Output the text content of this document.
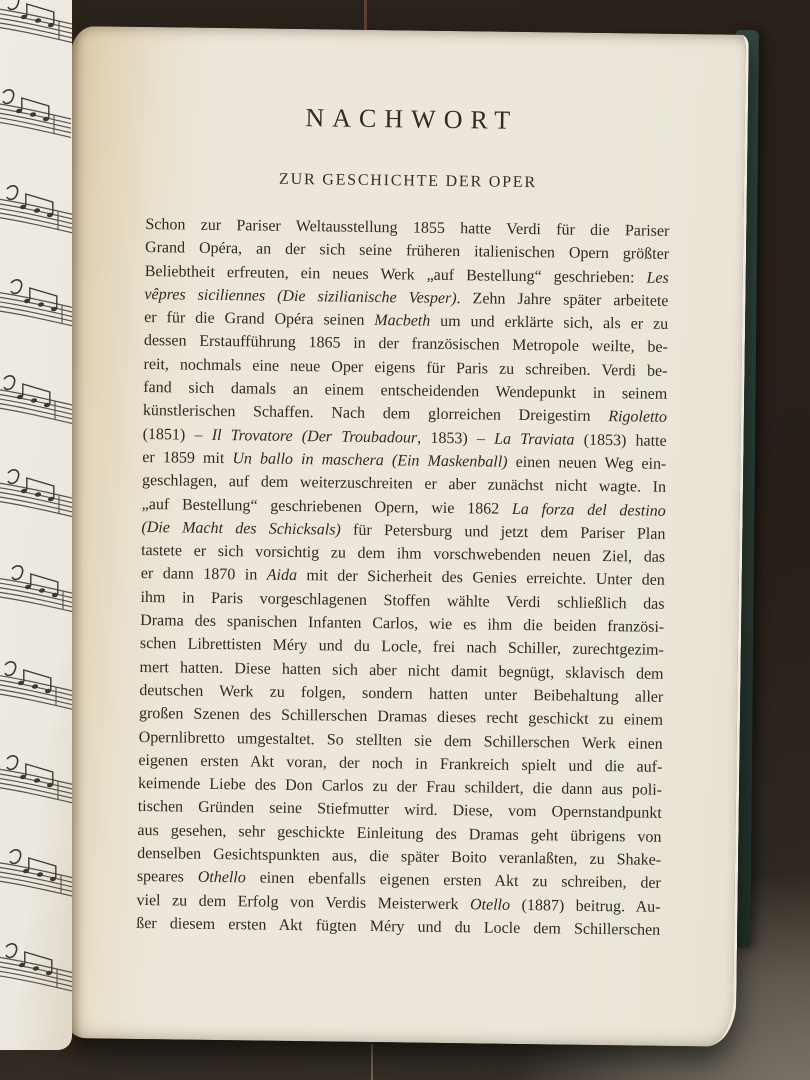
NACHWORT
ZUR GESCHICHTE DER OPER
Schon zur Pariser Weltausstellung 1855 hatte Verdi für die Pariser
Grand Opéra, an der sich seine früheren italienischen Opern größter
Beliebtheit erfreuten, ein neues Werk „auf Bestellung“ geschrieben: Les
vêpres siciliennes (Die sizilianische Vesper). Zehn Jahre später arbeitete
er für die Grand Opéra seinen Macbeth um und erklärte sich, als er zu
dessen Erstaufführung 1865 in der französischen Metropole weilte, be-
reit, nochmals eine neue Oper eigens für Paris zu schreiben. Verdi be-
fand sich damals an einem entscheidenden Wendepunkt in seinem
künstlerischen Schaffen. Nach dem glorreichen Dreigestirn Rigoletto
(1851) – Il Trovatore (Der Troubadour, 1853) – La Traviata (1853) hatte
er 1859 mit Un ballo in maschera (Ein Maskenball) einen neuen Weg ein-
geschlagen, auf dem weiterzuschreiten er aber zunächst nicht wagte. In
„auf Bestellung“ geschriebenen Opern, wie 1862 La forza del destino
(Die Macht des Schicksals) für Petersburg und jetzt dem Pariser Plan
tastete er sich vorsichtig zu dem ihm vorschwebenden neuen Ziel, das
er dann 1870 in Aida mit der Sicherheit des Genies erreichte. Unter den
ihm in Paris vorgeschlagenen Stoffen wählte Verdi schließlich das
Drama des spanischen Infanten Carlos, wie es ihm die beiden französi-
schen Librettisten Méry und du Locle, frei nach Schiller, zurechtgezim-
mert hatten. Diese hatten sich aber nicht damit begnügt, sklavisch dem
deutschen Werk zu folgen, sondern hatten unter Beibehaltung aller
großen Szenen des Schillerschen Dramas dieses recht geschickt zu einem
Opernlibretto umgestaltet. So stellten sie dem Schillerschen Werk einen
eigenen ersten Akt voran, der noch in Frankreich spielt und die auf-
keimende Liebe des Don Carlos zu der Frau schildert, die dann aus poli-
tischen Gründen seine Stiefmutter wird. Diese, vom Opernstandpunkt
aus gesehen, sehr geschickte Einleitung des Dramas geht übrigens von
denselben Gesichtspunkten aus, die später Boito veranlaßten, zu Shake-
speares Othello einen ebenfalls eigenen ersten Akt zu schreiben, der
viel zu dem Erfolg von Verdis Meisterwerk Otello (1887) beitrug. Au-
ßer diesem ersten Akt fügten Méry und du Locle dem Schillerschen
